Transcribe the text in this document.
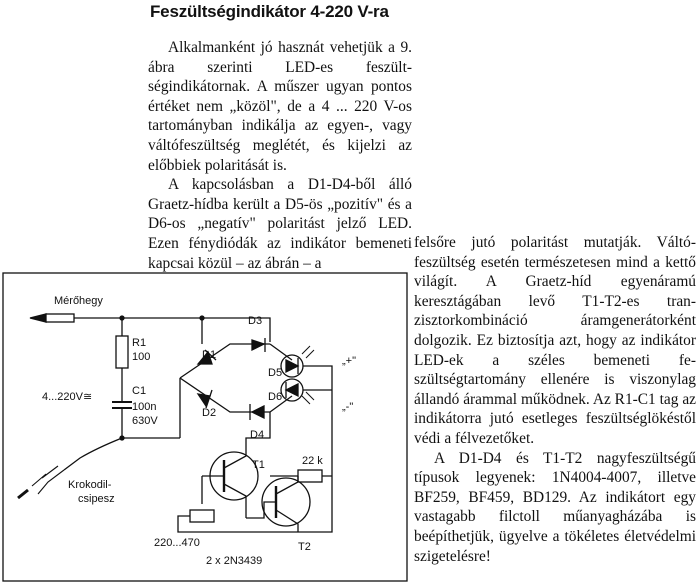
Feszültségindikátor 4-220 V-ra

Alkalmanként jó hasznát vehetjük a 9. ábra szerinti LED-es feszültségindikátornak. A műszer ugyan pontos értéket nem „közöl", de a 4 ... 220 V-os tartományban indikálja az egyen-, vagy váltófeszültség meglétét, és kijelzi az előbbiek polaritását is.

A kapcsolásban a D1-D4-ből álló Graetz-hídba került a D5-ös „pozitív" és a D6-os „negatív" polaritást jelző LED. Ezen fénydiódák az indikátor bemeneti kapcsai közül – az ábrán – a

felsőre jutó polaritást mutatják. Váltófeszültség esetén természetesen mind a kettő világít. A Graetz-híd egyenáramú keresztágában levő T1-T2-es tranzisztorkombináció áramgenerátorként dolgozik. Ez biztosítja azt, hogy az indikátor LED-ek a széles bemeneti feszültségtartomány ellenére is viszonylag állandó árammal működnek. Az R1-C1 tag az indikátorra jutó esetleges feszültséglökéstől védi a félvezetőket.

A D1-D4 és T1-T2 nagyfeszültségű típusok legyenek: 1N4004-4007, illetve BF259, BF459, BD129. Az indikátort egy vastagabb filctoll műanyagházába is beépíthetjük, ügyelve a tökéletes életvédelmi szigetelésre!

Mérőhegy
R1
100
4...220V≅	C1
100n
630V
D1
D2
D3
D4
D5
D6
„+"
„-"
T1
T2
22 k
220...470
2 x 2N3439
Krokodil-
csipesz
